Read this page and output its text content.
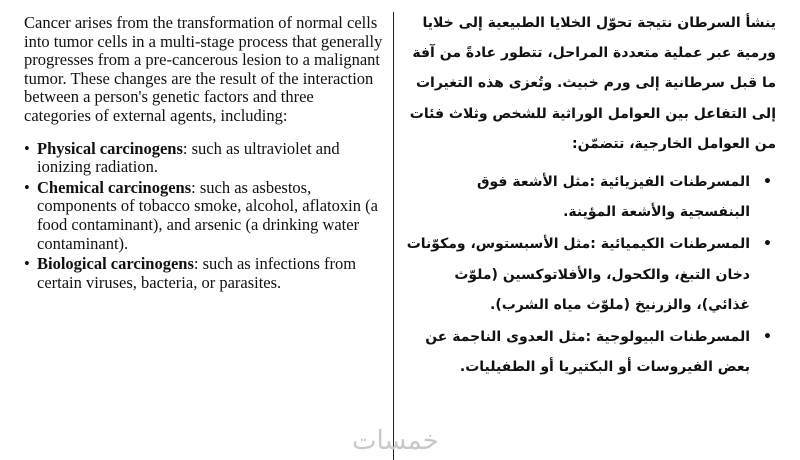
Cancer arises from the transformation of normal cells into tumor cells in a multi-stage process that generally progresses from a pre-cancerous lesion to a malignant tumor. These changes are the result of the interaction between a person's genetic factors and three categories of external agents, including:

• Physical carcinogens: such as ultraviolet and ionizing radiation.
• Chemical carcinogens: such as asbestos, components of tobacco smoke, alcohol, aflatoxin (a food contaminant), and arsenic (a drinking water contaminant).
• Biological carcinogens: such as infections from certain viruses, bacteria, or parasites.

ينشأ السرطان نتيجة تحوّل الخلايا الطبيعية إلى خلايا ورمية عبر عملية متعددة المراحل، تتطور عادةً من آفة ما قبل سرطانية إلى ورم خبيث. وتُعزى هذه التغيرات إلى التفاعل بين العوامل الوراثية للشخص وثلاث فئات من العوامل الخارجية، تتضمّن:

•
المسرطنات الفيزيائية :مثل الأشعة فوق البنفسجية والأشعة المؤينة.
•
المسرطنات الكيميائية :مثل الأسبستوس، ومكوّنات دخان التبغ، والكحول، والأفلاتوكسين (ملوّث غذائي)، والزرنيخ (ملوّث مياه الشرب).
•
المسرطنات البيولوجية :مثل العدوى الناجمة عن بعض الفيروسات أو البكتيريا أو الطفيليات.
خمسات
